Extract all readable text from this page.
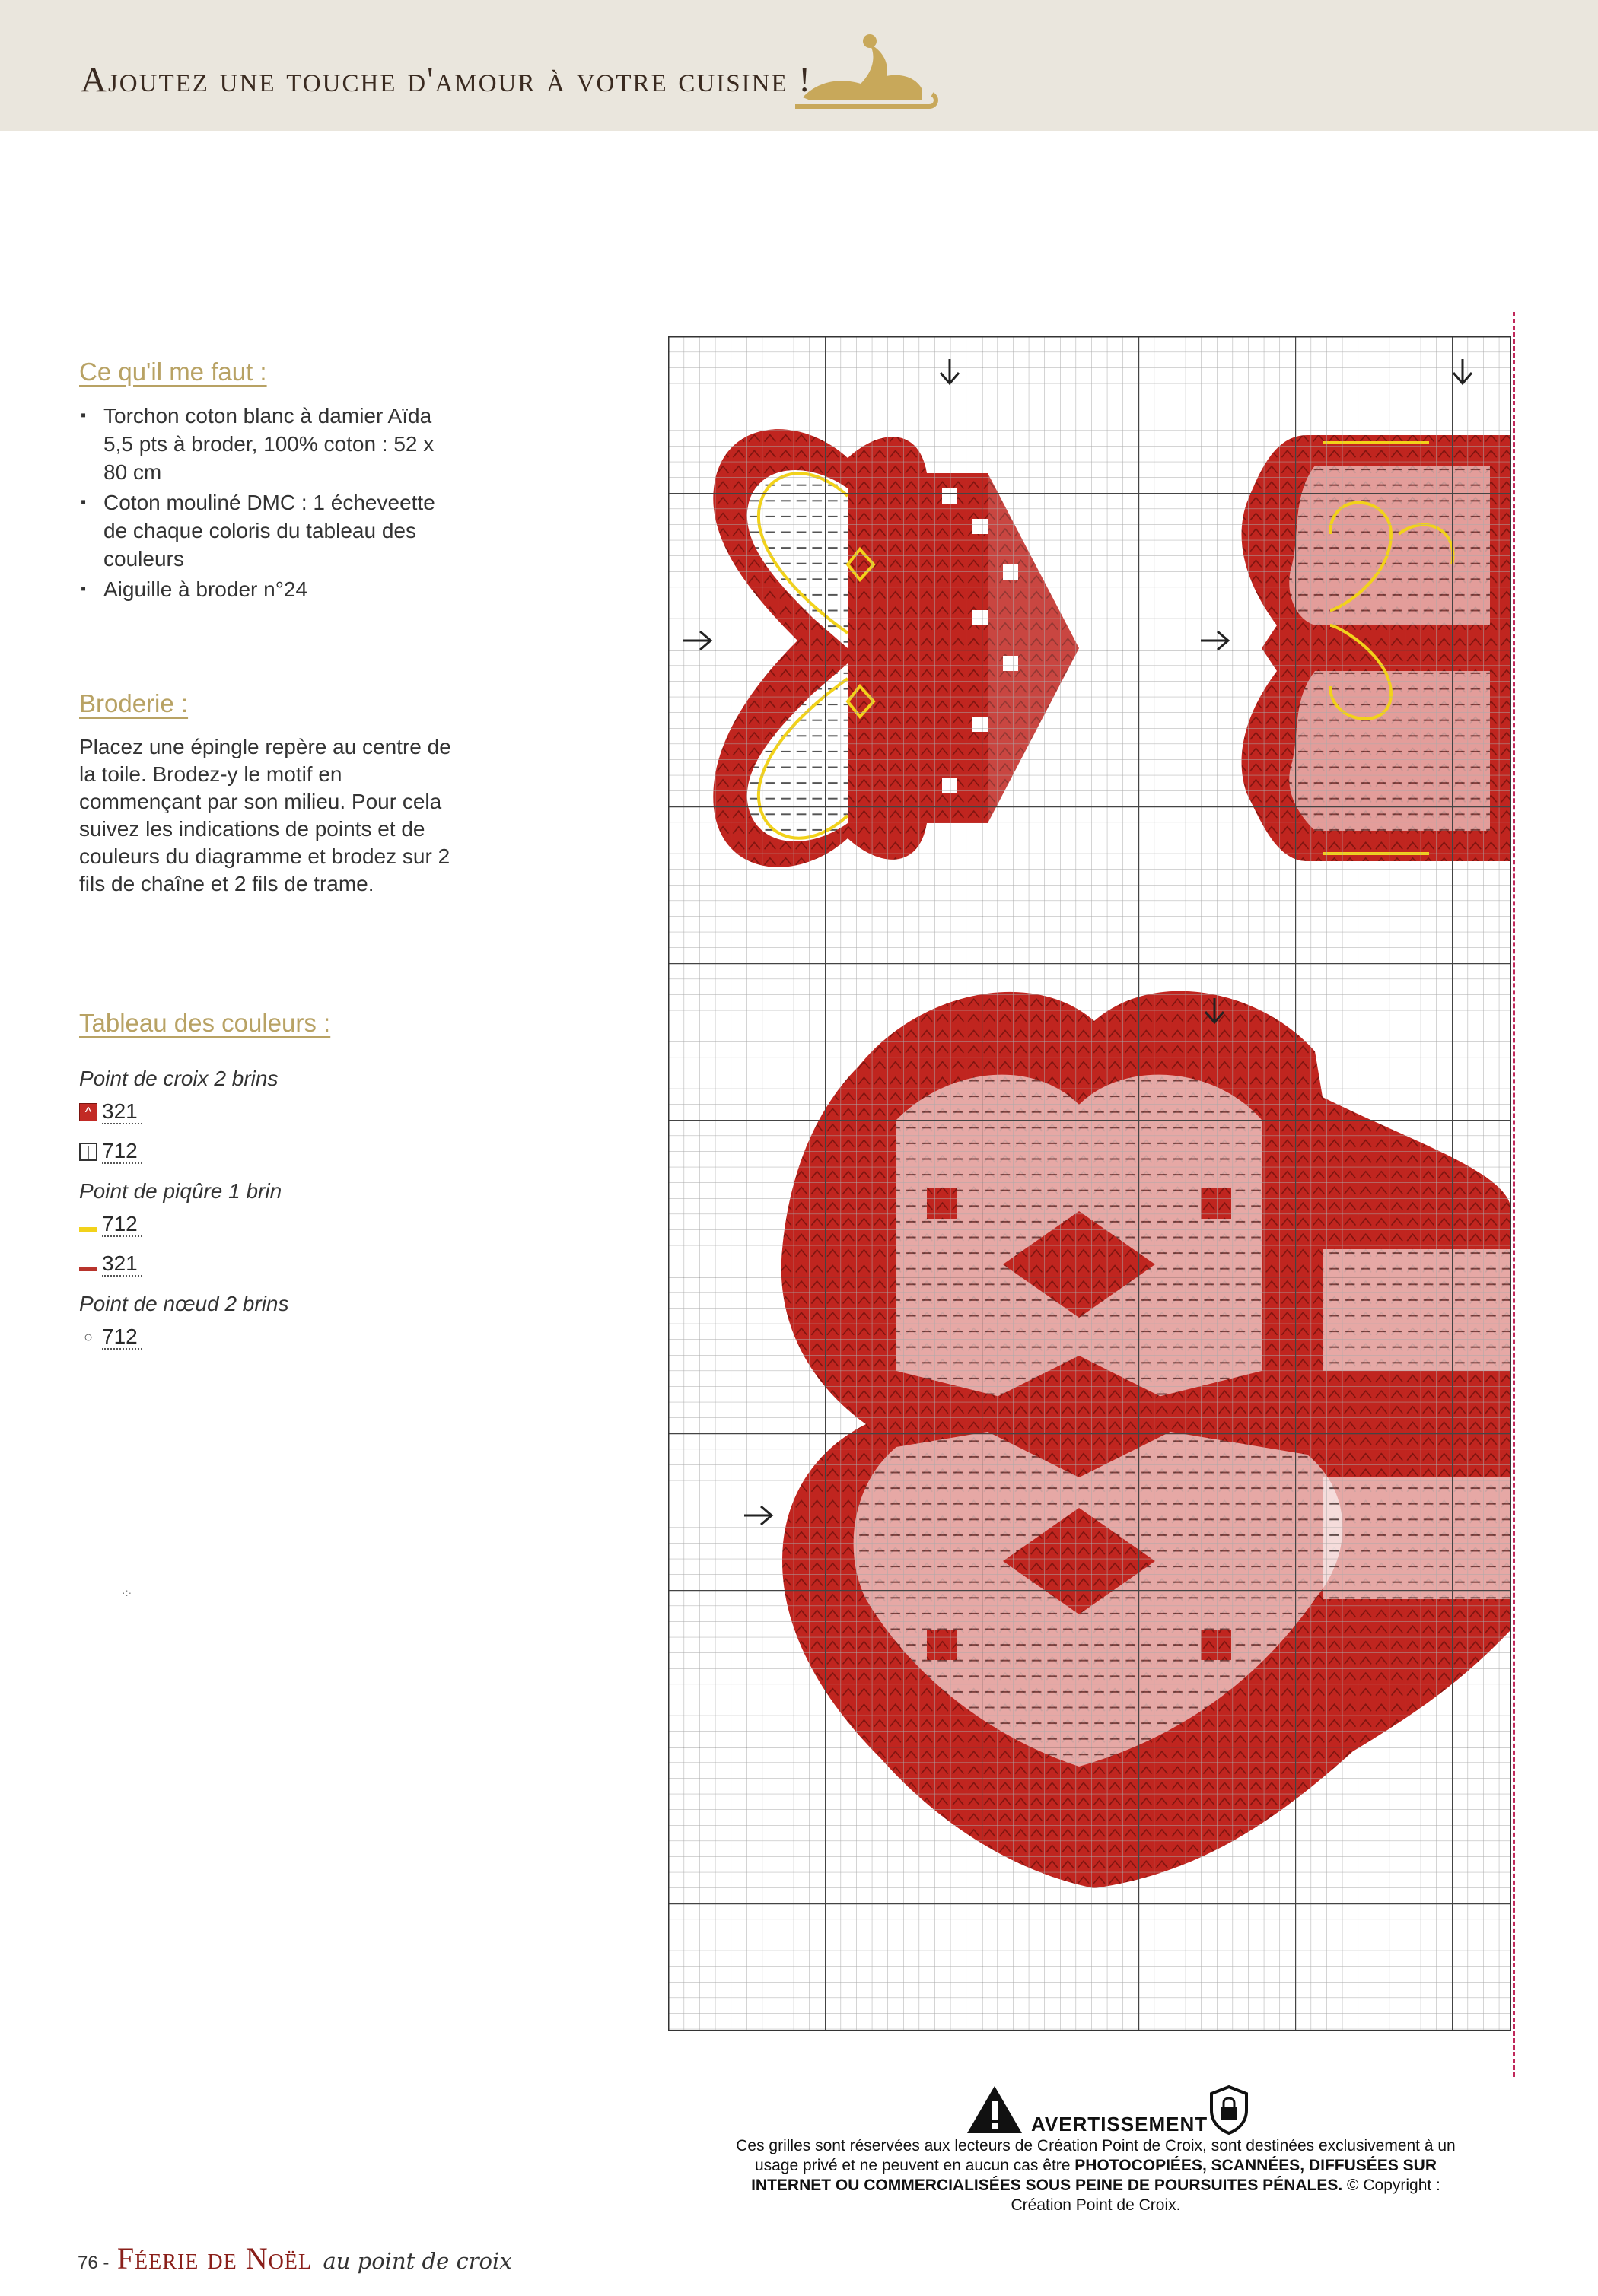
Ajoutez une touche d'amour à votre cuisine !
Ce qu'il me faut :
▪ Torchon coton blanc à damier Aïda 5,5 pts à broder, 100% coton : 52 x 80 cm
▪ Coton mouliné DMC : 1 écheveette de chaque coloris du tableau des couleurs
▪ Aiguille à broder n°24
Broderie :
Placez une épingle repère au centre de la toile. Brodez-y le motif en commençant par son milieu. Pour cela suivez les indications de points et de couleurs du diagramme et brodez sur 2 fils de chaîne et 2 fils de trame.
Tableau des couleurs :
Point de croix 2 brins
^ 321
| 712
Point de piqûre 1 brin
712
321
Point de nœud 2 brins
○ 712
·:·
AVERTISSEMENT
Ces grilles sont réservées aux lecteurs de Création Point de Croix, sont destinées exclusivement à un usage privé et ne peuvent en aucun cas être PHOTOCOPIÉES, SCANNÉES, DIFFUSÉES SUR INTERNET OU COMMERCIALISÉES SOUS PEINE DE POURSUITES PÉNALES. © Copyright : Création Point de Croix.
76 - Féerie de Noël au point de croix
